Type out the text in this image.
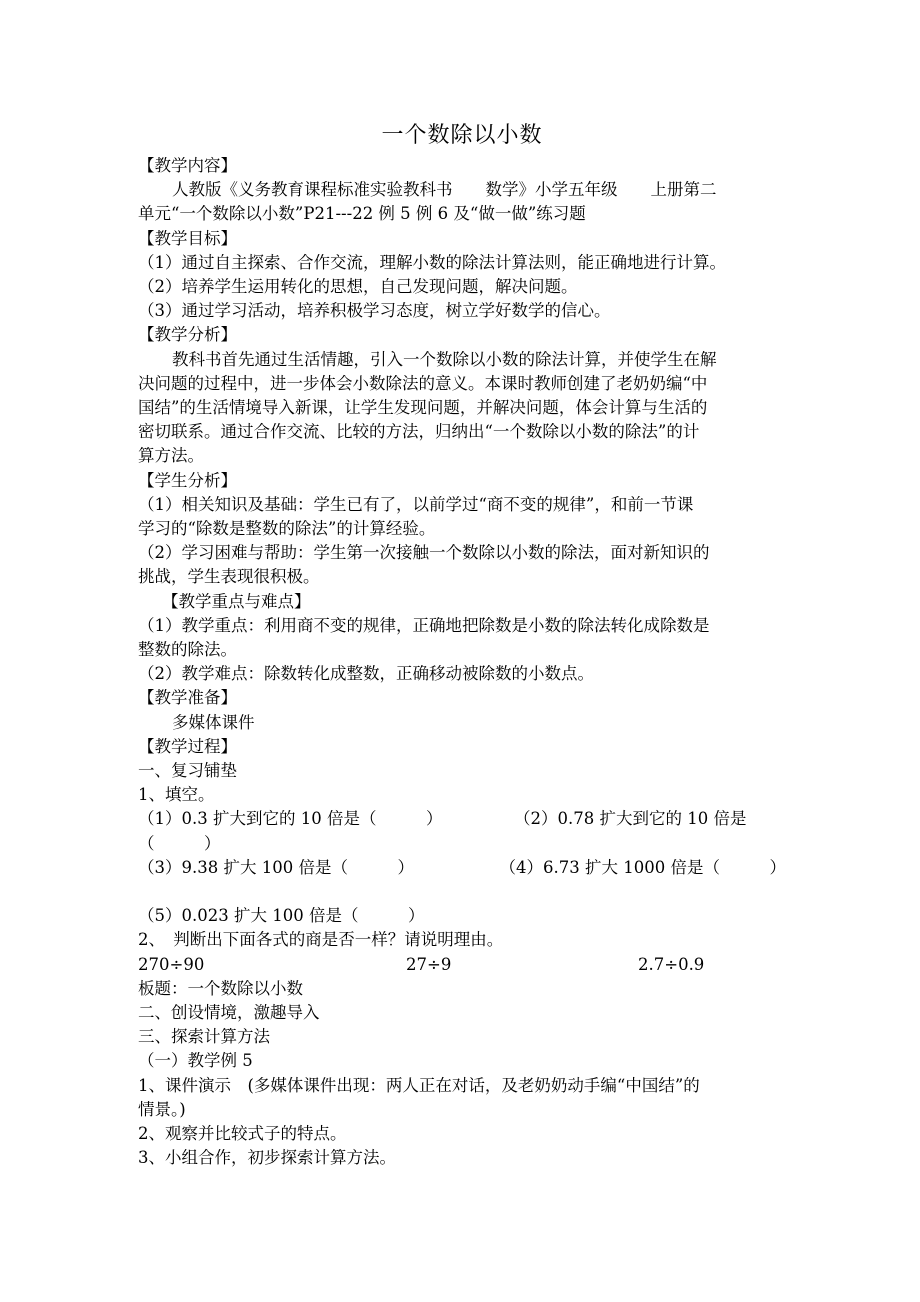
一个数除以小数
【教学内容】
人教版《义务教育课程标准实验教科书　　数学》小学五年级　　上册第二
单元“一个数除以小数”P21---22 例 5 例 6 及“做一做”练习题
【教学目标】
（1）通过自主探索、合作交流，理解小数的除法计算法则，能正确地进行计算。
（2）培养学生运用转化的思想，自己发现问题，解决问题。
（3）通过学习活动，培养积极学习态度，树立学好数学的信心。
【教学分析】
教科书首先通过生活情趣，引入一个数除以小数的除法计算，并使学生在解
决问题的过程中，进一步体会小数除法的意义。本课时教师创建了老奶奶编“中
国结”的生活情境导入新课，让学生发现问题，并解决问题，体会计算与生活的
密切联系。通过合作交流、比较的方法，归纳出“一个数除以小数的除法”的计
算方法。
【学生分析】
（1）相关知识及基础：学生已有了，以前学过“商不变的规律”，和前一节课
学习的“除数是整数的除法”的计算经验。
（2）学习困难与帮助：学生第一次接触一个数除以小数的除法，面对新知识的
挑战，学生表现很积极。
【教学重点与难点】
（1）教学重点：利用商不变的规律，正确地把除数是小数的除法转化成除数是
整数的除法。
（2）教学难点：除数转化成整数，正确移动被除数的小数点。
【教学准备】
多媒体课件
【教学过程】
一、复习铺垫
1、填空。
（1）0.3 扩大到它的 10 倍是（　　　）	（2）0.78 扩大到它的 10 倍是
（　　　）
（3）9.38 扩大 100 倍是（　　　）	（4）6.73 扩大 1000 倍是（　　　）
（5）0.023 扩大 100 倍是（　　　）
2、　判断出下面各式的商是否一样？请说明理由。
270÷90	27÷9	2.7÷0.9
板题：一个数除以小数
二、创设情境，激趣导入
三、探索计算方法
（一）教学例 5
1、课件演示　(多媒体课件出现：两人正在对话，及老奶奶动手编“中国结”的
情景。)
2、观察并比较式子的特点。
3、小组合作，初步探索计算方法。
